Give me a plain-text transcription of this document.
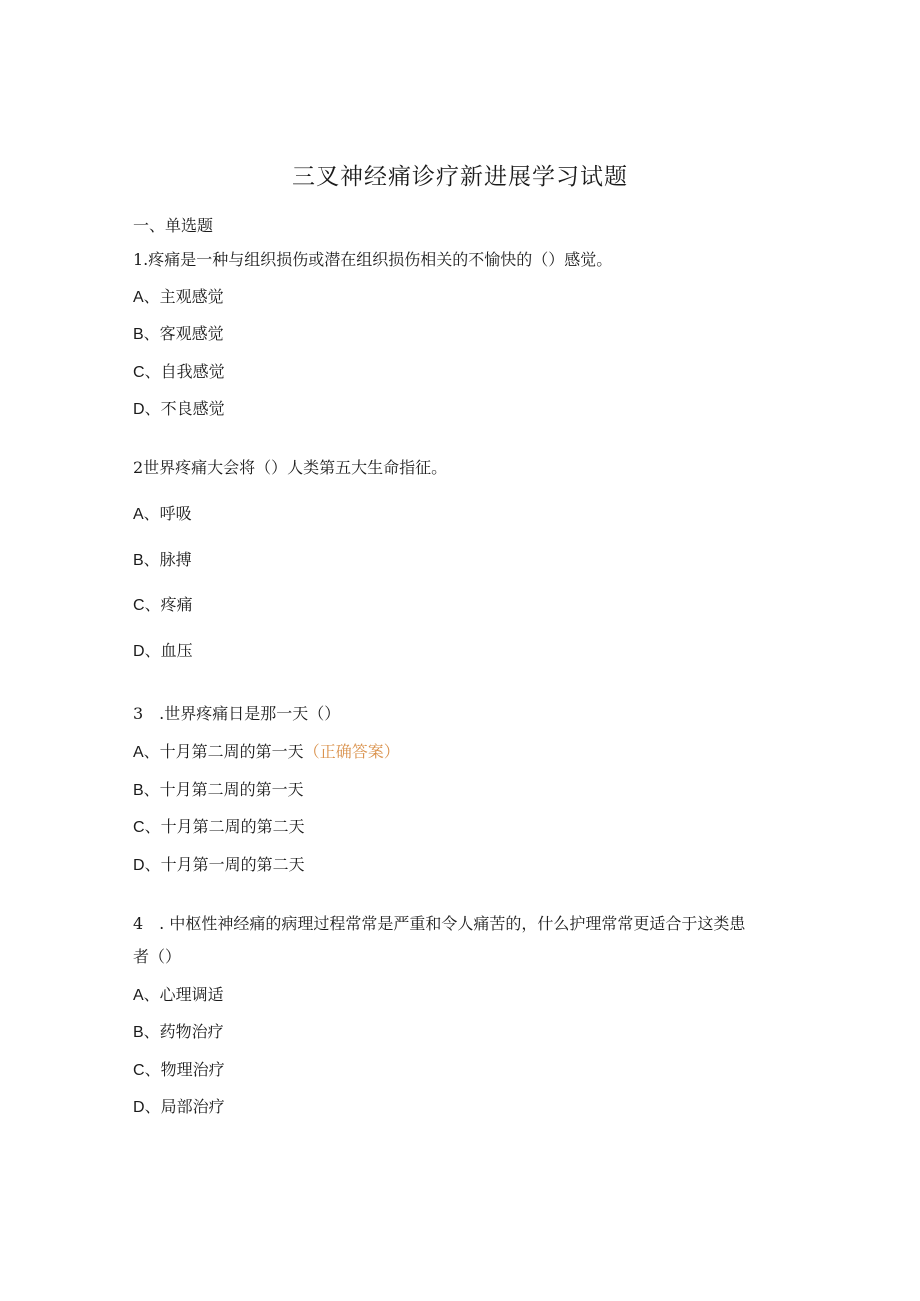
三叉神经痛诊疗新进展学习试题
一、单选题
1.疼痛是一种与组织损伤或潜在组织损伤相关的不愉快的（）感觉。
A、主观感觉
B、客观感觉
C、自我感觉
D、不良感觉
2世界疼痛大会将（）人类第五大生命指征。
A、呼吸
B、脉搏
C、疼痛
D、血压
3　.世界疼痛日是那一天（）
A、十月第二周的第一天（正确答案）
B、十月第二周的第一天
C、十月第二周的第二天
D、十月第一周的第二天
4　. 中枢性神经痛的病理过程常常是严重和令人痛苦的，什么护理常常更适合于这类患
者（）
A、心理调适
B、药物治疗
C、物理治疗
D、局部治疗
